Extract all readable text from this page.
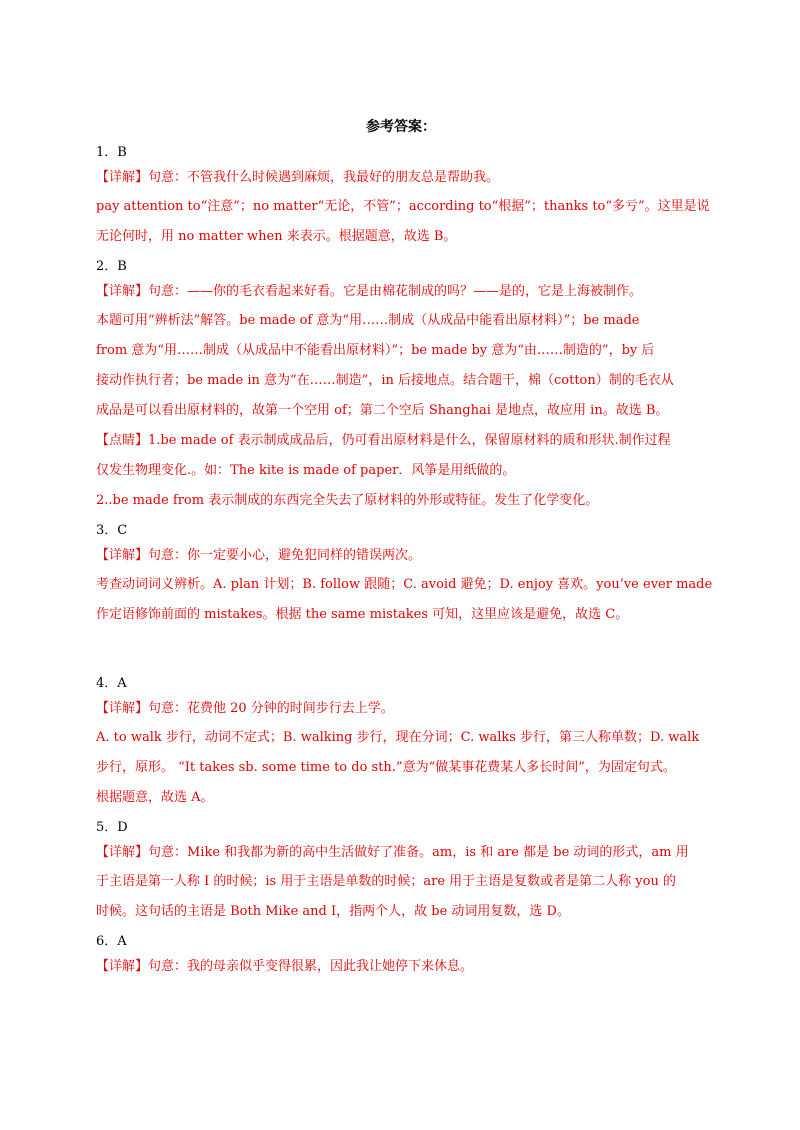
参考答案：
1．B
【详解】句意：不管我什么时候遇到麻烦，我最好的朋友总是帮助我。
pay attention to“注意”；no matter“无论，不管”；according to“根据”；thanks to“多亏”。这里是说
无论何时，用 no matter when 来表示。根据题意，故选 B。
2．B
【详解】句意：——你的毛衣看起来好看。它是由棉花制成的吗？——是的，它是上海被制作。
本题可用“辨析法”解答。be made of 意为“用……制成（从成品中能看出原材料）”；be made
from 意为“用……制成（从成品中不能看出原材料）”；be made by 意为“由……制造的”，by 后
接动作执行者；be made in 意为“在……制造”，in 后接地点。结合题干，棉（cotton）制的毛衣从
成品是可以看出原材料的，故第一个空用 of；第二个空后 Shanghai 是地点，故应用 in。故选 B。
【点睛】1.be made of 表示制成成品后，仍可看出原材料是什么，保留原材料的质和形状.制作过程
仅发生物理变化.。如：The kite is made of paper．风筝是用纸做的。
2..be made from 表示制成的东西完全失去了原材料的外形或特征。发生了化学变化。
3．C
【详解】句意：你一定要小心，避免犯同样的错误两次。
考查动词词义辨析。A. plan 计划；B. follow 跟随；C. avoid 避免；D. enjoy 喜欢。you’ve ever made
作定语修饰前面的 mistakes。根据 the same mistakes 可知，这里应该是避免，故选 C。
4．A
【详解】句意：花费他 20 分钟的时间步行去上学。
A. to walk 步行，动词不定式；B. walking 步行，现在分词；C. walks 步行，第三人称单数；D. walk
步行，原形。 “It takes sb. some time to do sth.”意为“做某事花费某人多长时间”，为固定句式。
根据题意，故选 A。
5．D
【详解】句意：Mike 和我都为新的高中生活做好了准备。am，is 和 are 都是 be 动词的形式，am 用
于主语是第一人称 I 的时候；is 用于主语是单数的时候；are 用于主语是复数或者是第二人称 you 的
时候。这句话的主语是 Both Mike and I，指两个人，故 be 动词用复数，选 D。
6．A
【详解】句意：我的母亲似乎变得很累，因此我让她停下来休息。
